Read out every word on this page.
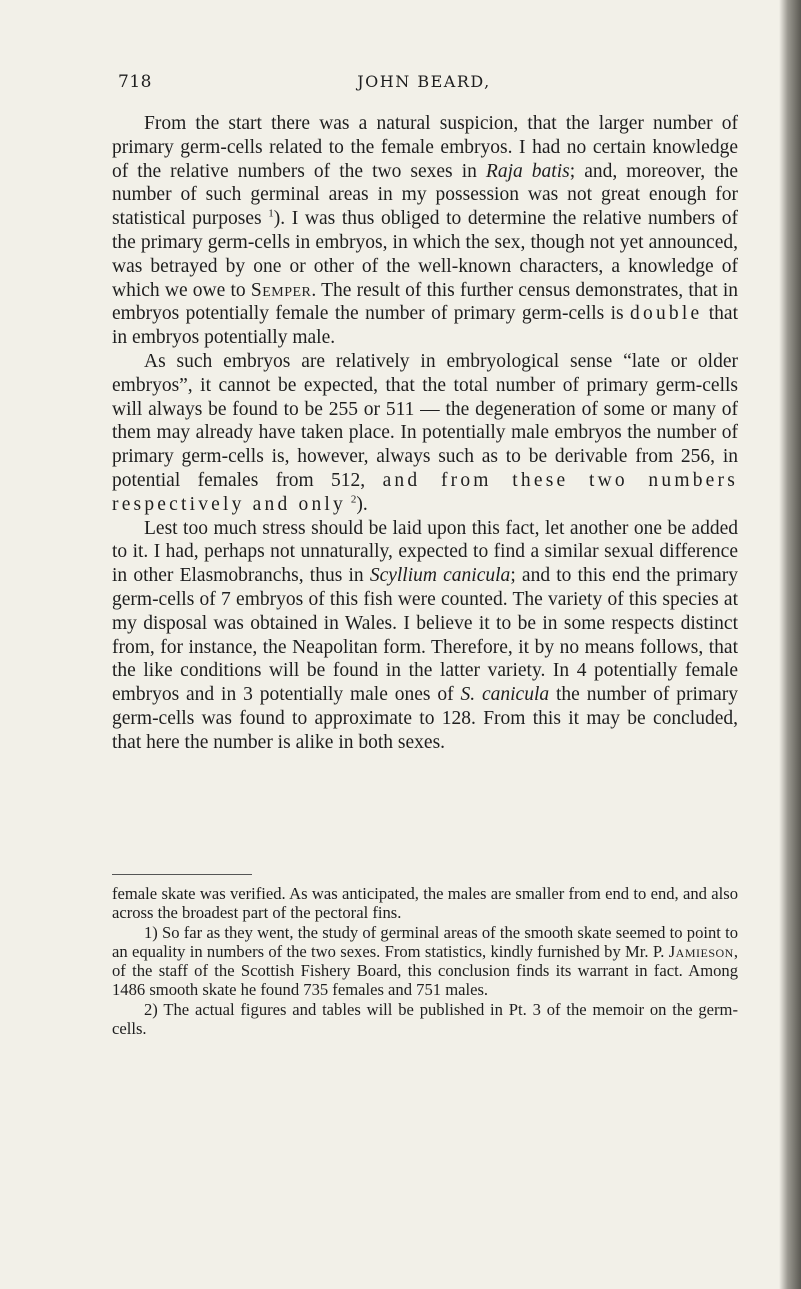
718	JOHN BEARD,

From the start there was a natural suspicion, that the larger number of primary germ-cells related to the female embryos. I had no certain knowledge of the relative numbers of the two sexes in Raja batis; and, moreover, the number of such germinal areas in my possession was not great enough for statistical purposes $^1$). I was thus obliged to determine the relative numbers of the primary germ-cells in embryos, in which the sex, though not yet announced, was betrayed by one or other of the well-known characters, a knowledge of which we owe to Semper. The result of this further census demonstrates, that in embryos potentially female the number of primary germ-cells is double that in embryos potentially male.

As such embryos are relatively in embryological sense “late or older embryos”, it cannot be expected, that the total number of primary germ-cells will always be found to be 255 or 511 — the degeneration of some or many of them may already have taken place. In potentially male embryos the number of primary germ-cells is, however, always such as to be derivable from 256, in potential females from 512, and from these two numbers respectively and only $^2$).

Lest too much stress should be laid upon this fact, let another one be added to it. I had, perhaps not unnaturally, expected to find a similar sexual difference in other Elasmobranchs, thus in Scyllium canicula; and to this end the primary germ-cells of 7 embryos of this fish were counted. The variety of this species at my disposal was obtained in Wales. I believe it to be in some respects distinct from, for instance, the Neapolitan form. Therefore, it by no means follows, that the like conditions will be found in the latter variety. In 4 potentially female embryos and in 3 potentially male ones of S. canicula the number of primary germ-cells was found to approximate to 128. From this it may be concluded, that here the number is alike in both sexes.

female skate was verified. As was anticipated, the males are smaller from end to end, and also across the broadest part of the pectoral fins.

1) So far as they went, the study of germinal areas of the smooth skate seemed to point to an equality in numbers of the two sexes. From statistics, kindly furnished by Mr. P. Jamieson, of the staff of the Scottish Fishery Board, this conclusion finds its warrant in fact. Among 1486 smooth skate he found 735 females and 751 males.

2) The actual figures and tables will be published in Pt. 3 of the memoir on the germ-cells.
